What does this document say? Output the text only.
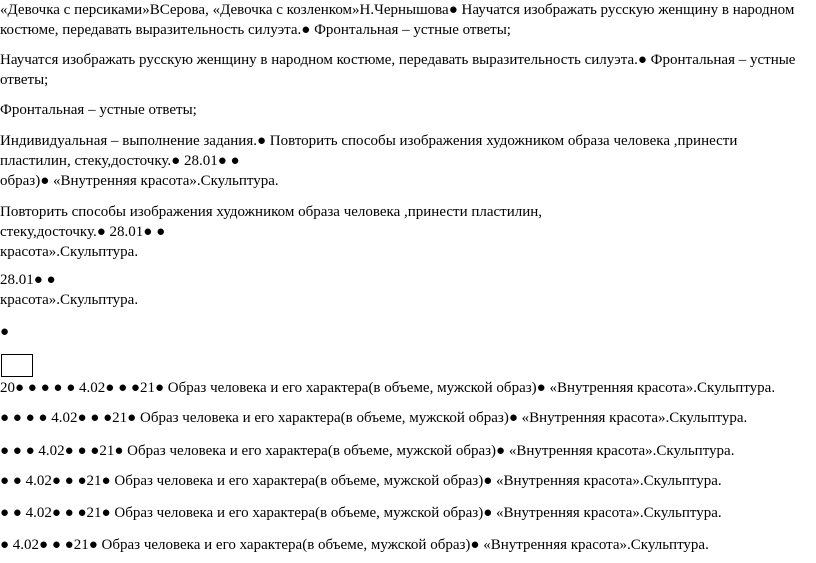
«Девочка с персиками»ВСерова, «Девочка с козленком»Н.Чернышова● Научатся изображать русскую женщину в народном
костюме, передавать выразительность силуэта.● Фронтальная – устные ответы;

Научатся изображать русскую женщину в народном костюме, передавать выразительность силуэта.● Фронтальная – устные
ответы;

Фронтальная – устные ответы;

Индивидуальная – выполнение задания.● Повторить способы изображения художником образа человека ,принести
пластилин, стеку,досточку.● 28.01● ●
образ)● «Внутренняя красота».Скульптура.

Повторить способы изображения художником образа человека ,принести пластилин,
стеку,досточку.● 28.01● ●
красота».Скульптура.

28.01● ●
красота».Скульптура.

●

20● ● ● ● ● 4.02● ● ●21● Образ человека и его характера(в объеме, мужской образ)● «Внутренняя красота».Скульптура.

● ● ● ● 4.02● ● ●21● Образ человека и его характера(в объеме, мужской образ)● «Внутренняя красота».Скульптура.

● ● ● 4.02● ● ●21● Образ человека и его характера(в объеме, мужской образ)● «Внутренняя красота».Скульптура.

● ● 4.02● ● ●21● Образ человека и его характера(в объеме, мужской образ)● «Внутренняя красота».Скульптура.

● ● 4.02● ● ●21● Образ человека и его характера(в объеме, мужской образ)● «Внутренняя красота».Скульптура.

● 4.02● ● ●21● Образ человека и его характера(в объеме, мужской образ)● «Внутренняя красота».Скульптура.
